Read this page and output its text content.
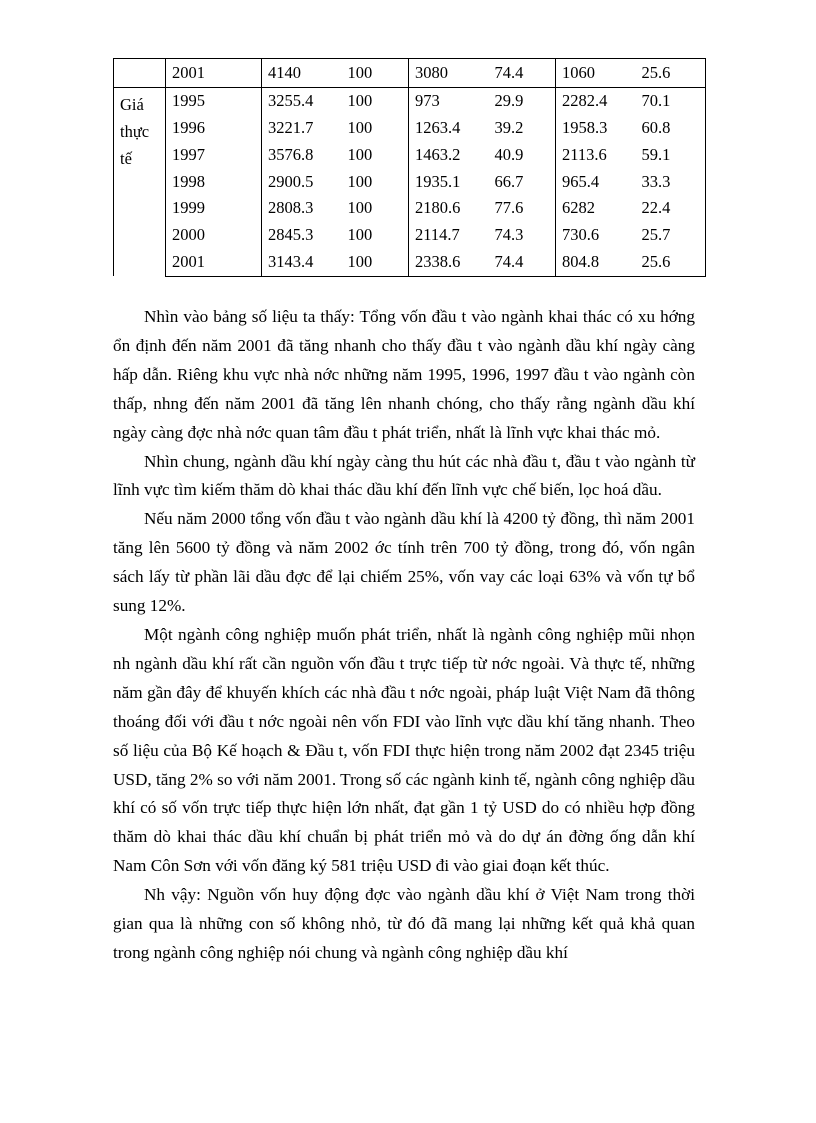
	2001	4140	100	3080	74.4	1060	25.6

Giá
thực
tế	1995	3255.4	100	973	29.9	2282.4	70.1
	1996	3221.7	100	1263.4	39.2	1958.3	60.8
	1997	3576.8	100	1463.2	40.9	2113.6	59.1
	1998	2900.5	100	1935.1	66.7	965.4	33.3
	1999	2808.3	100	2180.6	77.6	6282	22.4
	2000	2845.3	100	2114.7	74.3	730.6	25.7
	2001	3143.4	100	2338.6	74.4	804.8	25.6

Nhìn vào bảng số liệu ta thấy: Tổng vốn đầu t vào ngành khai thác có xu hớng ổn định đến năm 2001 đã tăng nhanh cho thấy đầu t vào ngành dầu khí ngày càng hấp dẫn. Riêng khu vực nhà nớc những năm 1995, 1996, 1997 đầu t vào ngành còn thấp, nhng đến năm 2001 đã tăng lên nhanh chóng, cho thấy rằng ngành dầu khí ngày càng đợc nhà nớc quan tâm đầu t phát triển, nhất là lĩnh vực khai thác mỏ.

Nhìn chung, ngành dầu khí ngày càng thu hút các nhà đầu t, đầu t vào ngành từ lĩnh vực tìm kiếm thăm dò khai thác dầu khí đến lĩnh vực chế biến, lọc hoá dầu.

Nếu năm 2000 tổng vốn đầu t vào ngành dầu khí là 4200 tỷ đồng, thì năm 2001 tăng lên 5600 tỷ đồng và năm 2002 ớc tính trên 700 tỷ đồng, trong đó, vốn ngân sách lấy từ phần lãi dầu đợc để lại chiếm 25%, vốn vay các loại 63% và vốn tự bổ sung 12%.

Một ngành công nghiệp muốn phát triển, nhất là ngành công nghiệp mũi nhọn nh ngành dầu khí rất cần nguồn vốn đầu t trực tiếp từ nớc ngoài. Và thực tế, những năm gần đây để khuyến khích các nhà đầu t nớc ngoài, pháp luật Việt Nam đã thông thoáng đối với đầu t nớc ngoài nên vốn FDI vào lĩnh vực dầu khí tăng nhanh. Theo số liệu của Bộ Kế hoạch & Đầu t, vốn FDI thực hiện trong năm 2002 đạt 2345 triệu USD, tăng 2% so với năm 2001. Trong số các ngành kinh tế, ngành công nghiệp dầu khí có số vốn trực tiếp thực hiện lớn nhất, đạt gần 1 tỷ USD do có nhiều hợp đồng thăm dò khai thác dầu khí chuẩn bị phát triển mỏ và do dự án đờng ống dẫn khí Nam Côn Sơn với vốn đăng ký 581 triệu USD đi vào giai đoạn kết thúc.

Nh vậy: Nguồn vốn huy động đợc vào ngành dầu khí ở Việt Nam trong thời gian qua là những con số không nhỏ, từ đó đã mang lại những kết quả khả quan trong ngành công nghiệp nói chung và ngành công nghiệp dầu khí
